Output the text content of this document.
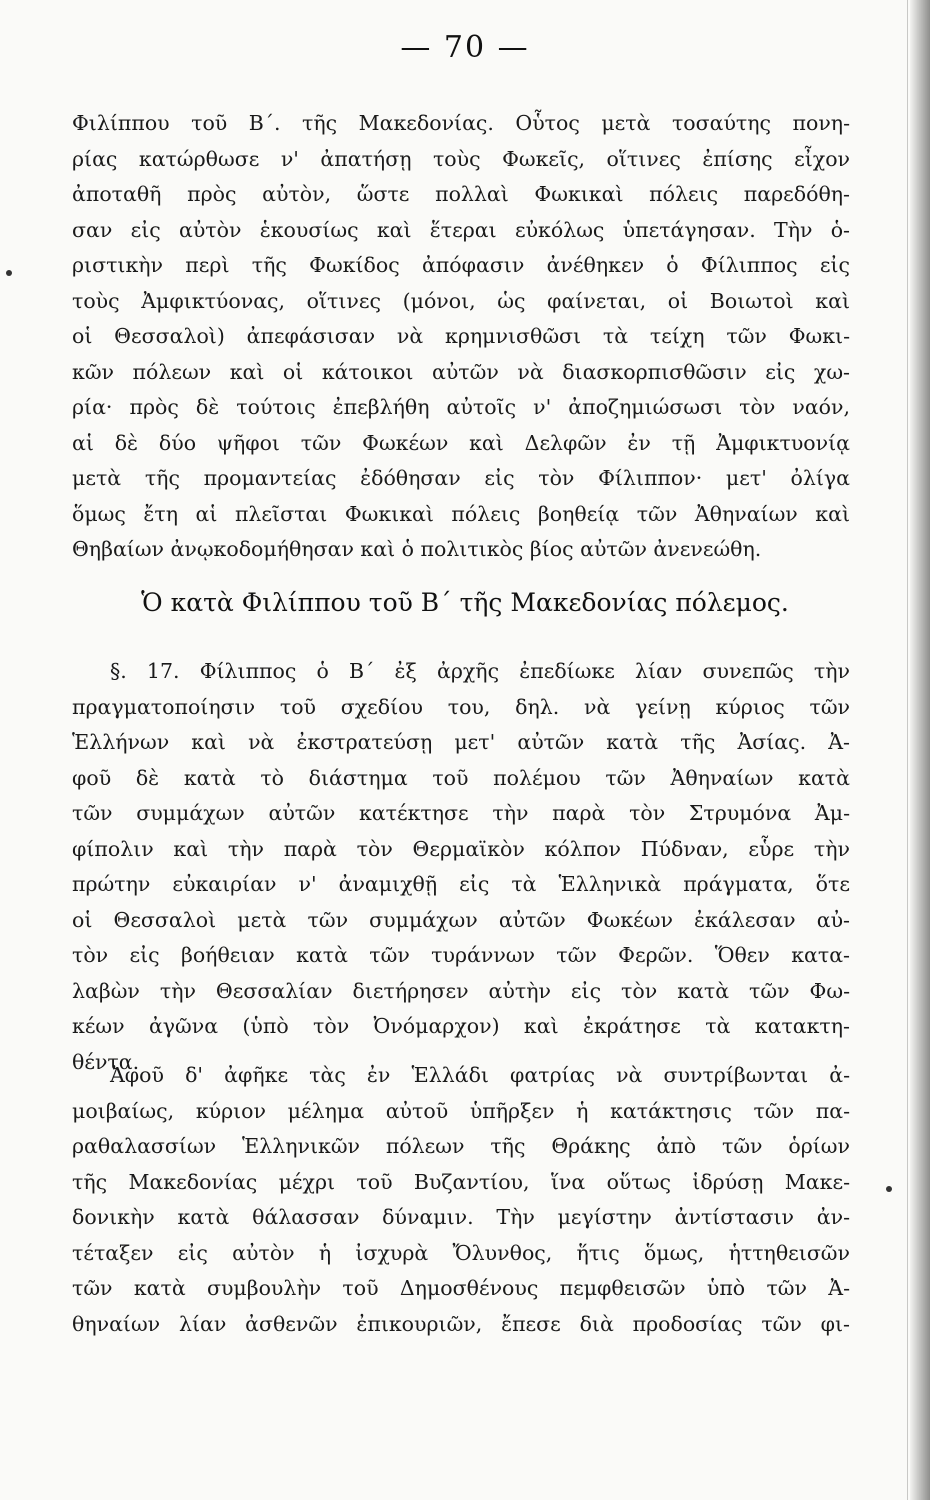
— 70 —
Φιλίππου τοῦ Β΄. τῆς Μακεδονίας. Οὗτος μετὰ τοσαύτης πονη-
ρίας κατώρθωσε ν' ἀπατήσῃ τοὺς Φωκεῖς, οἵτινες ἐπίσης εἶχον
ἀποταθῆ πρὸς αὐτὸν, ὥστε πολλαὶ Φωκικαὶ πόλεις παρεδόθη-
σαν εἰς αὐτὸν ἑκουσίως καὶ ἕτεραι εὐκόλως ὑπετάγησαν. Τὴν ὁ-
ριστικὴν περὶ τῆς Φωκίδος ἀπόφασιν ἀνέθηκεν ὁ Φίλιππος εἰς
τοὺς Ἀμφικτύονας, οἵτινες (μόνοι, ὡς φαίνεται, οἱ Βοιωτοὶ καὶ
οἱ Θεσσαλοὶ) ἀπεφάσισαν νὰ κρημνισθῶσι τὰ τείχη τῶν Φωκι-
κῶν πόλεων καὶ οἱ κάτοικοι αὐτῶν νὰ διασκορπισθῶσιν εἰς χω-
ρία· πρὸς δὲ τούτοις ἐπεβλήθη αὐτοῖς ν' ἀποζημιώσωσι τὸν ναόν,
αἱ δὲ δύο ψῆφοι τῶν Φωκέων καὶ Δελφῶν ἐν τῇ Ἀμφικτυονίᾳ
μετὰ τῆς προμαντείας ἐδόθησαν εἰς τὸν Φίλιππον· μετ' ὀλίγα
ὅμως ἔτη αἱ πλεῖσται Φωκικαὶ πόλεις βοηθείᾳ τῶν Ἀθηναίων καὶ
Θηβαίων ἀνῳκοδομήθησαν καὶ ὁ πολιτικὸς βίος αὐτῶν ἀνενεώθη.
Ὁ κατὰ Φιλίππου τοῦ Β΄ τῆς Μακεδονίας πόλεμος.
§. 17. Φίλιππος ὁ Β΄ ἐξ ἀρχῆς ἐπεδίωκε λίαν συνεπῶς τὴν
πραγματοποίησιν τοῦ σχεδίου του, δηλ. νὰ γείνῃ κύριος τῶν
Ἑλλήνων καὶ νὰ ἐκστρατεύσῃ μετ' αὐτῶν κατὰ τῆς Ἀσίας. Ἀ-
φοῦ δὲ κατὰ τὸ διάστημα τοῦ πολέμου τῶν Ἀθηναίων κατὰ
τῶν συμμάχων αὐτῶν κατέκτησε τὴν παρὰ τὸν Στρυμόνα Ἀμ-
φίπολιν καὶ τὴν παρὰ τὸν Θερμαϊκὸν κόλπον Πύδναν, εὗρε τὴν
πρώτην εὐκαιρίαν ν' ἀναμιχθῇ εἰς τὰ Ἑλληνικὰ πράγματα, ὅτε
οἱ Θεσσαλοὶ μετὰ τῶν συμμάχων αὐτῶν Φωκέων ἐκάλεσαν αὐ-
τὸν εἰς βοήθειαν κατὰ τῶν τυράννων τῶν Φερῶν. Ὅθεν κατα-
λαβὼν τὴν Θεσσαλίαν διετήρησεν αὐτὴν εἰς τὸν κατὰ τῶν Φω-
κέων ἀγῶνα (ὑπὸ τὸν Ὀνόμαρχον) καὶ ἐκράτησε τὰ κατακτη-
θέντα.
Ἀφοῦ δ' ἀφῆκε τὰς ἐν Ἑλλάδι φατρίας νὰ συντρίβωνται ἀ-
μοιβαίως, κύριον μέλημα αὐτοῦ ὑπῆρξεν ἡ κατάκτησις τῶν πα-
ραθαλασσίων Ἑλληνικῶν πόλεων τῆς Θράκης ἀπὸ τῶν ὁρίων
τῆς Μακεδονίας μέχρι τοῦ Βυζαντίου, ἵνα οὕτως ἱδρύσῃ Μακε-
δονικὴν κατὰ θάλασσαν δύναμιν. Τὴν μεγίστην ἀντίστασιν ἀν-
τέταξεν εἰς αὐτὸν ἡ ἰσχυρὰ Ὄλυνθος, ἥτις ὅμως, ἡττηθεισῶν
τῶν κατὰ συμβουλὴν τοῦ Δημοσθένους πεμφθεισῶν ὑπὸ τῶν Ἀ-
θηναίων λίαν ἀσθενῶν ἐπικουριῶν, ἔπεσε διὰ προδοσίας τῶν φι-
